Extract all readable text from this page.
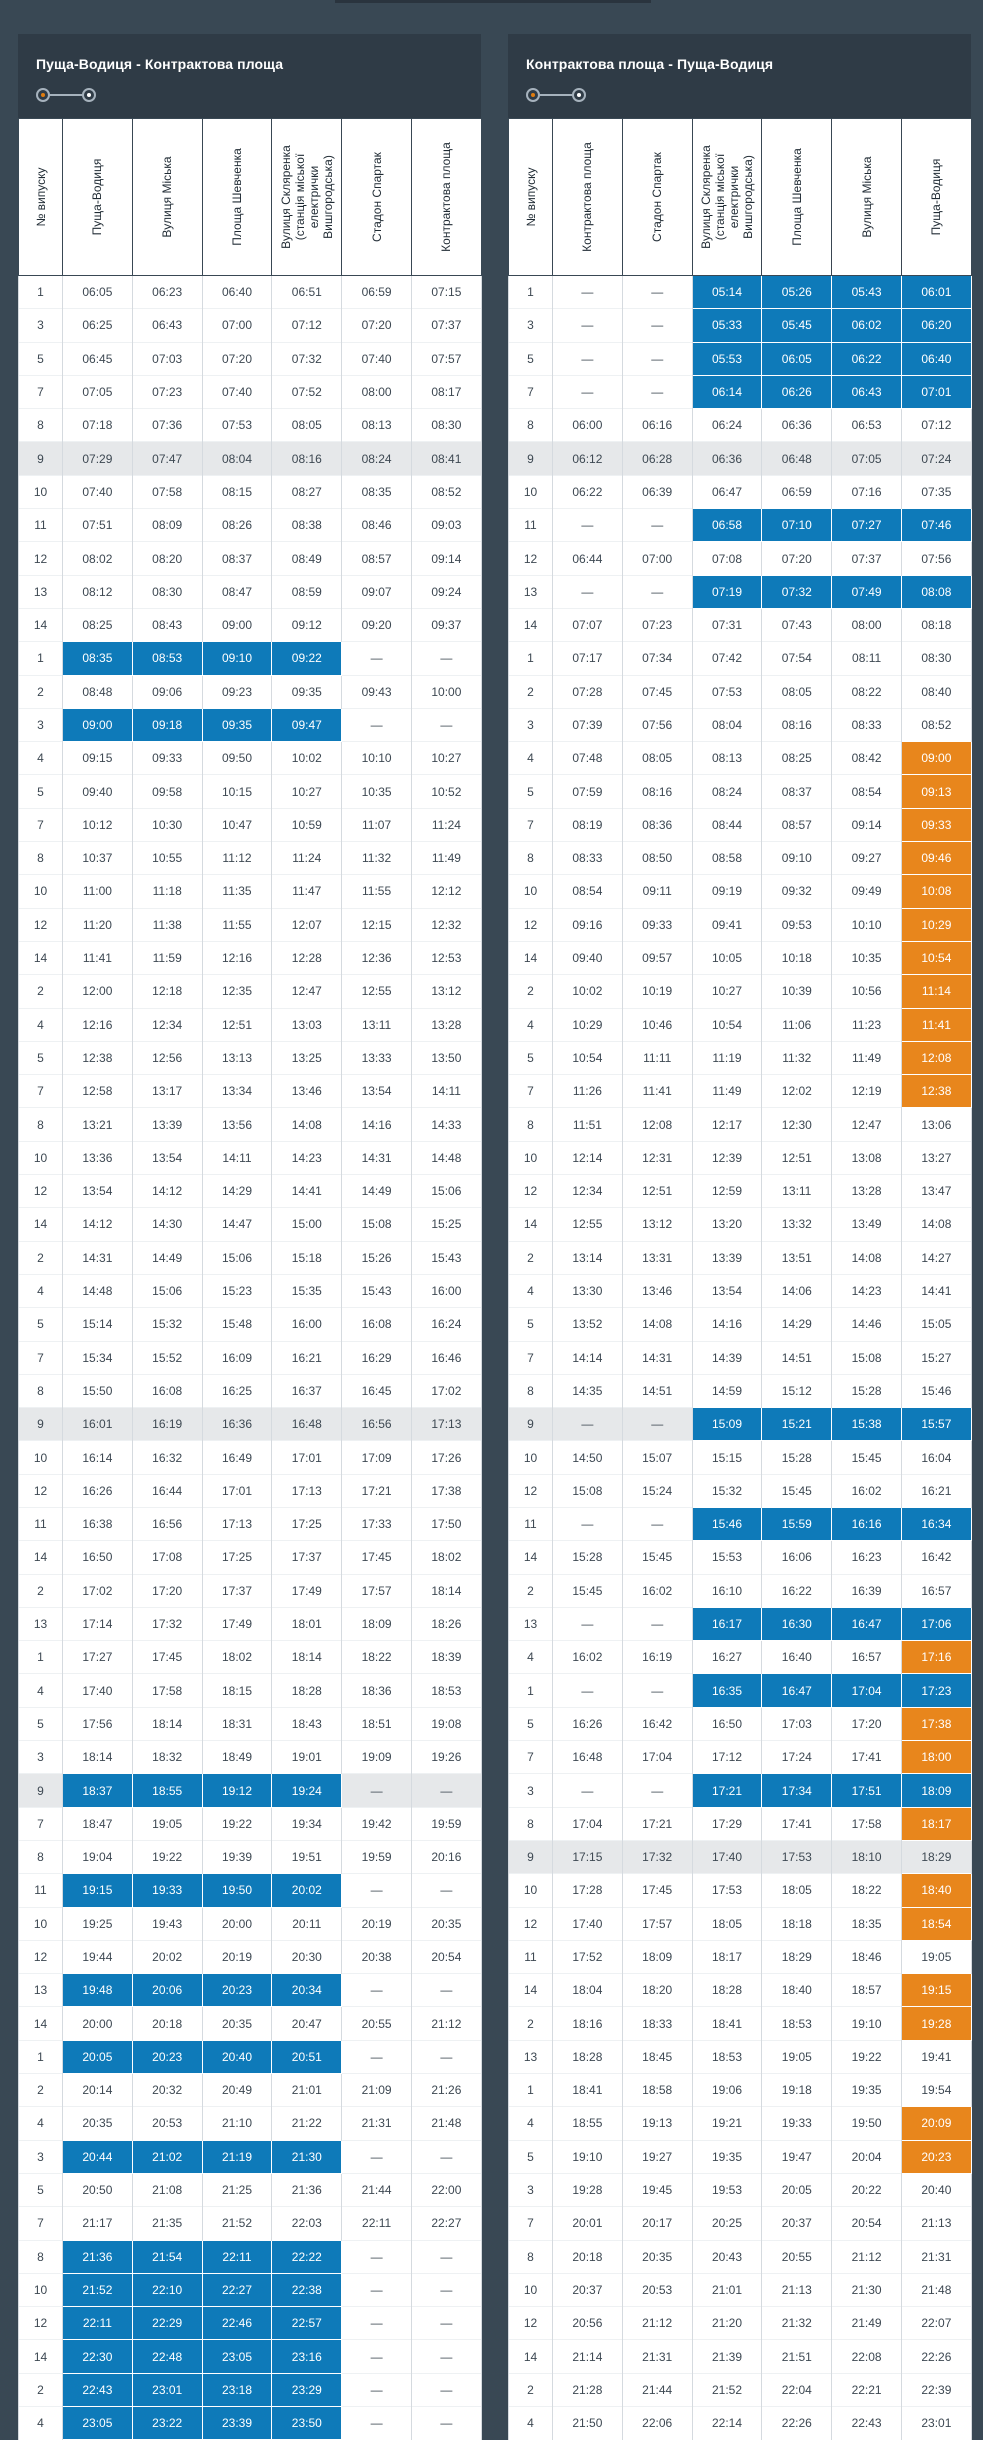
Пуща-Водиця - Контрактова площа
№ випуску	Пуща-Водиця	Вулиця Міська	Площа Шевченка	Вулиця Скляренка (станція міської електрички Вишгородська)	Стадон Спартак	Контрактова площа

1	06:05	06:23	06:40	06:51	06:59	07:15
3	06:25	06:43	07:00	07:12	07:20	07:37
5	06:45	07:03	07:20	07:32	07:40	07:57
7	07:05	07:23	07:40	07:52	08:00	08:17
8	07:18	07:36	07:53	08:05	08:13	08:30
9	07:29	07:47	08:04	08:16	08:24	08:41
10	07:40	07:58	08:15	08:27	08:35	08:52
11	07:51	08:09	08:26	08:38	08:46	09:03
12	08:02	08:20	08:37	08:49	08:57	09:14
13	08:12	08:30	08:47	08:59	09:07	09:24
14	08:25	08:43	09:00	09:12	09:20	09:37
1	08:35	08:53	09:10	09:22	—	—
2	08:48	09:06	09:23	09:35	09:43	10:00
3	09:00	09:18	09:35	09:47	—	—
4	09:15	09:33	09:50	10:02	10:10	10:27
5	09:40	09:58	10:15	10:27	10:35	10:52
7	10:12	10:30	10:47	10:59	11:07	11:24
8	10:37	10:55	11:12	11:24	11:32	11:49
10	11:00	11:18	11:35	11:47	11:55	12:12
12	11:20	11:38	11:55	12:07	12:15	12:32
14	11:41	11:59	12:16	12:28	12:36	12:53
2	12:00	12:18	12:35	12:47	12:55	13:12
4	12:16	12:34	12:51	13:03	13:11	13:28
5	12:38	12:56	13:13	13:25	13:33	13:50
7	12:58	13:17	13:34	13:46	13:54	14:11
8	13:21	13:39	13:56	14:08	14:16	14:33
10	13:36	13:54	14:11	14:23	14:31	14:48
12	13:54	14:12	14:29	14:41	14:49	15:06
14	14:12	14:30	14:47	15:00	15:08	15:25
2	14:31	14:49	15:06	15:18	15:26	15:43
4	14:48	15:06	15:23	15:35	15:43	16:00
5	15:14	15:32	15:48	16:00	16:08	16:24
7	15:34	15:52	16:09	16:21	16:29	16:46
8	15:50	16:08	16:25	16:37	16:45	17:02
9	16:01	16:19	16:36	16:48	16:56	17:13
10	16:14	16:32	16:49	17:01	17:09	17:26
12	16:26	16:44	17:01	17:13	17:21	17:38
11	16:38	16:56	17:13	17:25	17:33	17:50
14	16:50	17:08	17:25	17:37	17:45	18:02
2	17:02	17:20	17:37	17:49	17:57	18:14
13	17:14	17:32	17:49	18:01	18:09	18:26
1	17:27	17:45	18:02	18:14	18:22	18:39
4	17:40	17:58	18:15	18:28	18:36	18:53
5	17:56	18:14	18:31	18:43	18:51	19:08
3	18:14	18:32	18:49	19:01	19:09	19:26
9	18:37	18:55	19:12	19:24	—	—
7	18:47	19:05	19:22	19:34	19:42	19:59
8	19:04	19:22	19:39	19:51	19:59	20:16
11	19:15	19:33	19:50	20:02	—	—
10	19:25	19:43	20:00	20:11	20:19	20:35
12	19:44	20:02	20:19	20:30	20:38	20:54
13	19:48	20:06	20:23	20:34	—	—
14	20:00	20:18	20:35	20:47	20:55	21:12
1	20:05	20:23	20:40	20:51	—	—
2	20:14	20:32	20:49	21:01	21:09	21:26
4	20:35	20:53	21:10	21:22	21:31	21:48
3	20:44	21:02	21:19	21:30	—	—
5	20:50	21:08	21:25	21:36	21:44	22:00
7	21:17	21:35	21:52	22:03	22:11	22:27
8	21:36	21:54	22:11	22:22	—	—
10	21:52	22:10	22:27	22:38	—	—
12	22:11	22:29	22:46	22:57	—	—
14	22:30	22:48	23:05	23:16	—	—
2	22:43	23:01	23:18	23:29	—	—
4	23:05	23:22	23:39	23:50	—	—
Контрактова площа - Пуща-Водиця
№ випуску	Контрактова площа	Стадон Спартак	Вулиця Скляренка (станція міської електрички Вишгородська)	Площа Шевченка	Вулиця Міська	Пуща-Водиця

1	—	—	05:14	05:26	05:43	06:01
3	—	—	05:33	05:45	06:02	06:20
5	—	—	05:53	06:05	06:22	06:40
7	—	—	06:14	06:26	06:43	07:01
8	06:00	06:16	06:24	06:36	06:53	07:12
9	06:12	06:28	06:36	06:48	07:05	07:24
10	06:22	06:39	06:47	06:59	07:16	07:35
11	—	—	06:58	07:10	07:27	07:46
12	06:44	07:00	07:08	07:20	07:37	07:56
13	—	—	07:19	07:32	07:49	08:08
14	07:07	07:23	07:31	07:43	08:00	08:18
1	07:17	07:34	07:42	07:54	08:11	08:30
2	07:28	07:45	07:53	08:05	08:22	08:40
3	07:39	07:56	08:04	08:16	08:33	08:52
4	07:48	08:05	08:13	08:25	08:42	09:00
5	07:59	08:16	08:24	08:37	08:54	09:13
7	08:19	08:36	08:44	08:57	09:14	09:33
8	08:33	08:50	08:58	09:10	09:27	09:46
10	08:54	09:11	09:19	09:32	09:49	10:08
12	09:16	09:33	09:41	09:53	10:10	10:29
14	09:40	09:57	10:05	10:18	10:35	10:54
2	10:02	10:19	10:27	10:39	10:56	11:14
4	10:29	10:46	10:54	11:06	11:23	11:41
5	10:54	11:11	11:19	11:32	11:49	12:08
7	11:26	11:41	11:49	12:02	12:19	12:38
8	11:51	12:08	12:17	12:30	12:47	13:06
10	12:14	12:31	12:39	12:51	13:08	13:27
12	12:34	12:51	12:59	13:11	13:28	13:47
14	12:55	13:12	13:20	13:32	13:49	14:08
2	13:14	13:31	13:39	13:51	14:08	14:27
4	13:30	13:46	13:54	14:06	14:23	14:41
5	13:52	14:08	14:16	14:29	14:46	15:05
7	14:14	14:31	14:39	14:51	15:08	15:27
8	14:35	14:51	14:59	15:12	15:28	15:46
9	—	—	15:09	15:21	15:38	15:57
10	14:50	15:07	15:15	15:28	15:45	16:04
12	15:08	15:24	15:32	15:45	16:02	16:21
11	—	—	15:46	15:59	16:16	16:34
14	15:28	15:45	15:53	16:06	16:23	16:42
2	15:45	16:02	16:10	16:22	16:39	16:57
13	—	—	16:17	16:30	16:47	17:06
4	16:02	16:19	16:27	16:40	16:57	17:16
1	—	—	16:35	16:47	17:04	17:23
5	16:26	16:42	16:50	17:03	17:20	17:38
7	16:48	17:04	17:12	17:24	17:41	18:00
3	—	—	17:21	17:34	17:51	18:09
8	17:04	17:21	17:29	17:41	17:58	18:17
9	17:15	17:32	17:40	17:53	18:10	18:29
10	17:28	17:45	17:53	18:05	18:22	18:40
12	17:40	17:57	18:05	18:18	18:35	18:54
11	17:52	18:09	18:17	18:29	18:46	19:05
14	18:04	18:20	18:28	18:40	18:57	19:15
2	18:16	18:33	18:41	18:53	19:10	19:28
13	18:28	18:45	18:53	19:05	19:22	19:41
1	18:41	18:58	19:06	19:18	19:35	19:54
4	18:55	19:13	19:21	19:33	19:50	20:09
5	19:10	19:27	19:35	19:47	20:04	20:23
3	19:28	19:45	19:53	20:05	20:22	20:40
7	20:01	20:17	20:25	20:37	20:54	21:13
8	20:18	20:35	20:43	20:55	21:12	21:31
10	20:37	20:53	21:01	21:13	21:30	21:48
12	20:56	21:12	21:20	21:32	21:49	22:07
14	21:14	21:31	21:39	21:51	22:08	22:26
2	21:28	21:44	21:52	22:04	22:21	22:39
4	21:50	22:06	22:14	22:26	22:43	23:01
